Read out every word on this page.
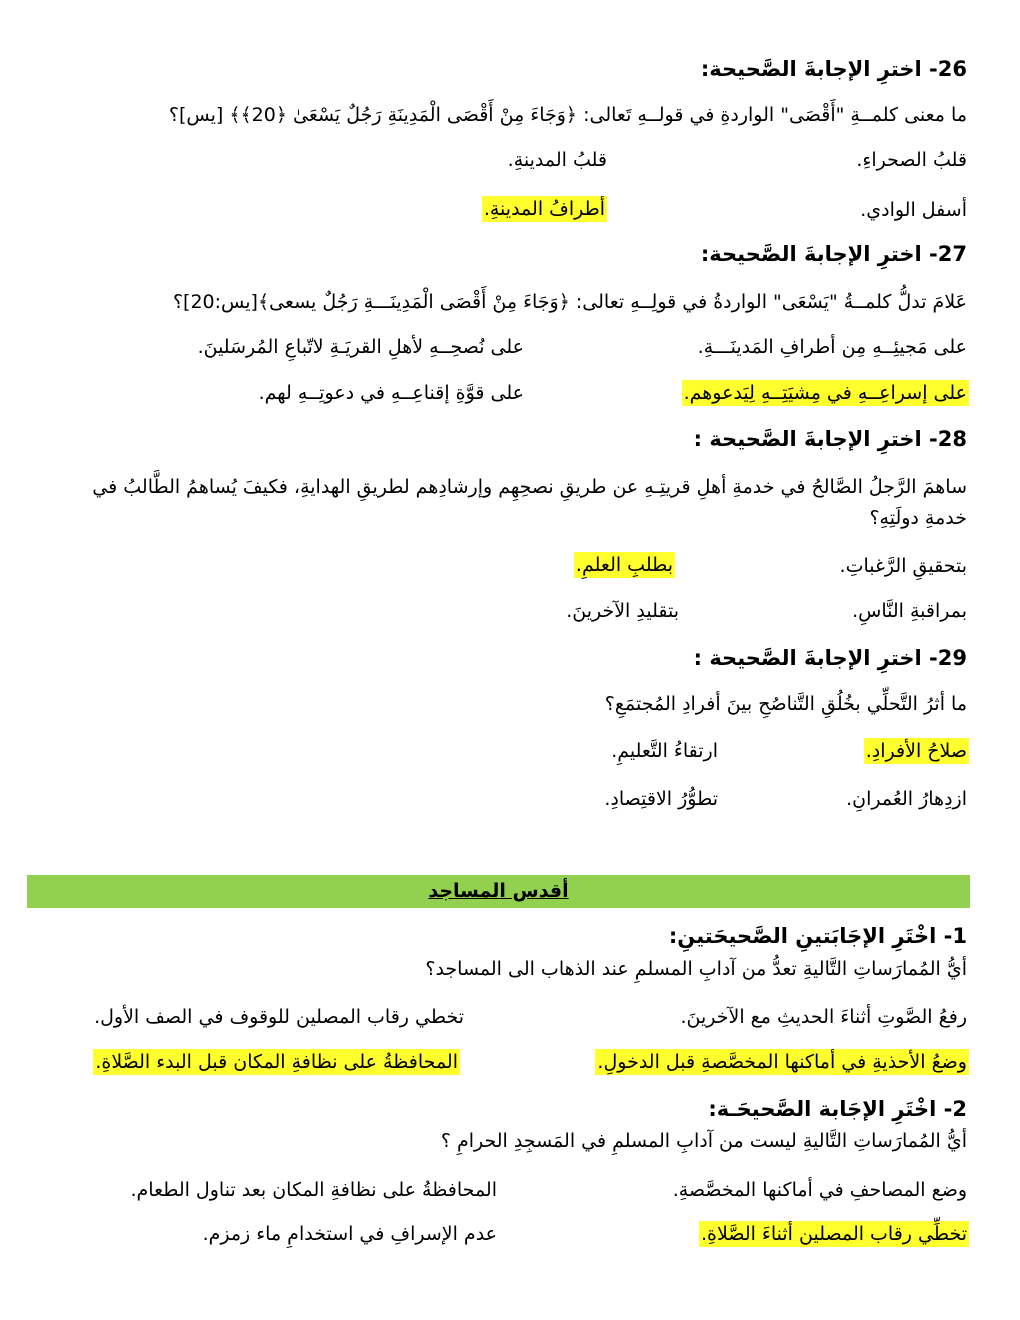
26- اخترِ الإجابةَ الصَّحيحة:
ما معنى كلمــةِ "أَقْصَى" الواردةِ في قولــهِ تَعالى: ﴿وَجَاءَ مِنْ أَقْصَى الْمَدِينَةِ رَجُلٌ يَسْعَىٰ ﴿20﴾﴾ [يس]؟
قلبُ الصحراءِ.
قلبُ المدينةِ.
أسفل الوادي.
أطرافُ المدينةِ.
27- اخترِ الإجابةَ الصَّحيحة:
عَلامَ تدلُّ كلمــةُ "يَسْعَى" الواردةُ في قولِــهِ تعالى: ﴿وَجَاءَ مِنْ أَقْصَى الْمَدِينَـــةِ رَجُلٌ يسعى﴾[يس:20]؟
على مَجيئِــهِ مِن أطرافِ المَدينَـــةِ.
على نُصحِــهِ لأهلِ القريَـةِ لاتّباعِ المُرسَلينَ.
على إسراعِــهِ في مِشيَتِــهِ لِيَدعوهم.
على قوَّةِ إقناعِــهِ في دعوتِــهِ لهم.
28- اخترِ الإجابةَ الصَّحيحة :
ساهمَ الرَّجلُ الصَّالحُ في خدمةِ أهلِ قريتِـهِ عن طريقِ نصحِهِم وإرشادِهم لطريقِ الهدايةِ، فكيفَ يُساهمُ الطَّالبُ في
خدمةِ دولَتِهِ؟
بتحقيقِ الرَّغباتِ.
بطلبِ العلمِ.
بمراقبةِ النَّاسِ.
بتقليدِ الآخرينَ.
29- اخترِ الإجابةَ الصَّحيحة :
ما أثرُ التَّحلِّي بخُلُقِ التَّناصُحِ بينَ أفرادِ المُجتمَعِ؟
صلاحُ الأفرادِ.
ارتقاءُ التَّعليمِ.
ازدِهارُ العُمرانِ.
تطوُّرُ الاقتِصادِ.
أقدس المساجد
1- اخْتَرِ الإجَابَتينِ الصَّحيحَتينِ:
أيُّ المُمارَساتِ التَّاليةِ تعدُّ من آدابِ المسلمِ عند الذهاب الى المساجد؟
رفعُ الصَّوتِ أثناءَ الحديثِ مع الآخرينَ.
تخطي رقاب المصلين للوقوف في الصف الأول.
وضعُ الأحذيةِ في أماكنها المخصَّصةِ قبل الدخولِ.
المحافظةُ على نظافةِ المكان قبل البدء الصَّلاةِ.
2- اخْتَرِ الإجَابة الصَّحيحَـة:
أيُّ المُمارَساتِ التَّاليةِ ليست من آدابِ المسلمِ في المَسجِدِ الحرامِ ؟
وضع المصاحفِ في أماكنها المخصَّصةِ.
المحافظةُ على نظافةِ المكان بعد تناول الطعام.
تخطِّي رقاب المصلين أثناءَ الصَّلاةِ.
عدم الإسرافِ في استخدامِ ماء زمزم.
